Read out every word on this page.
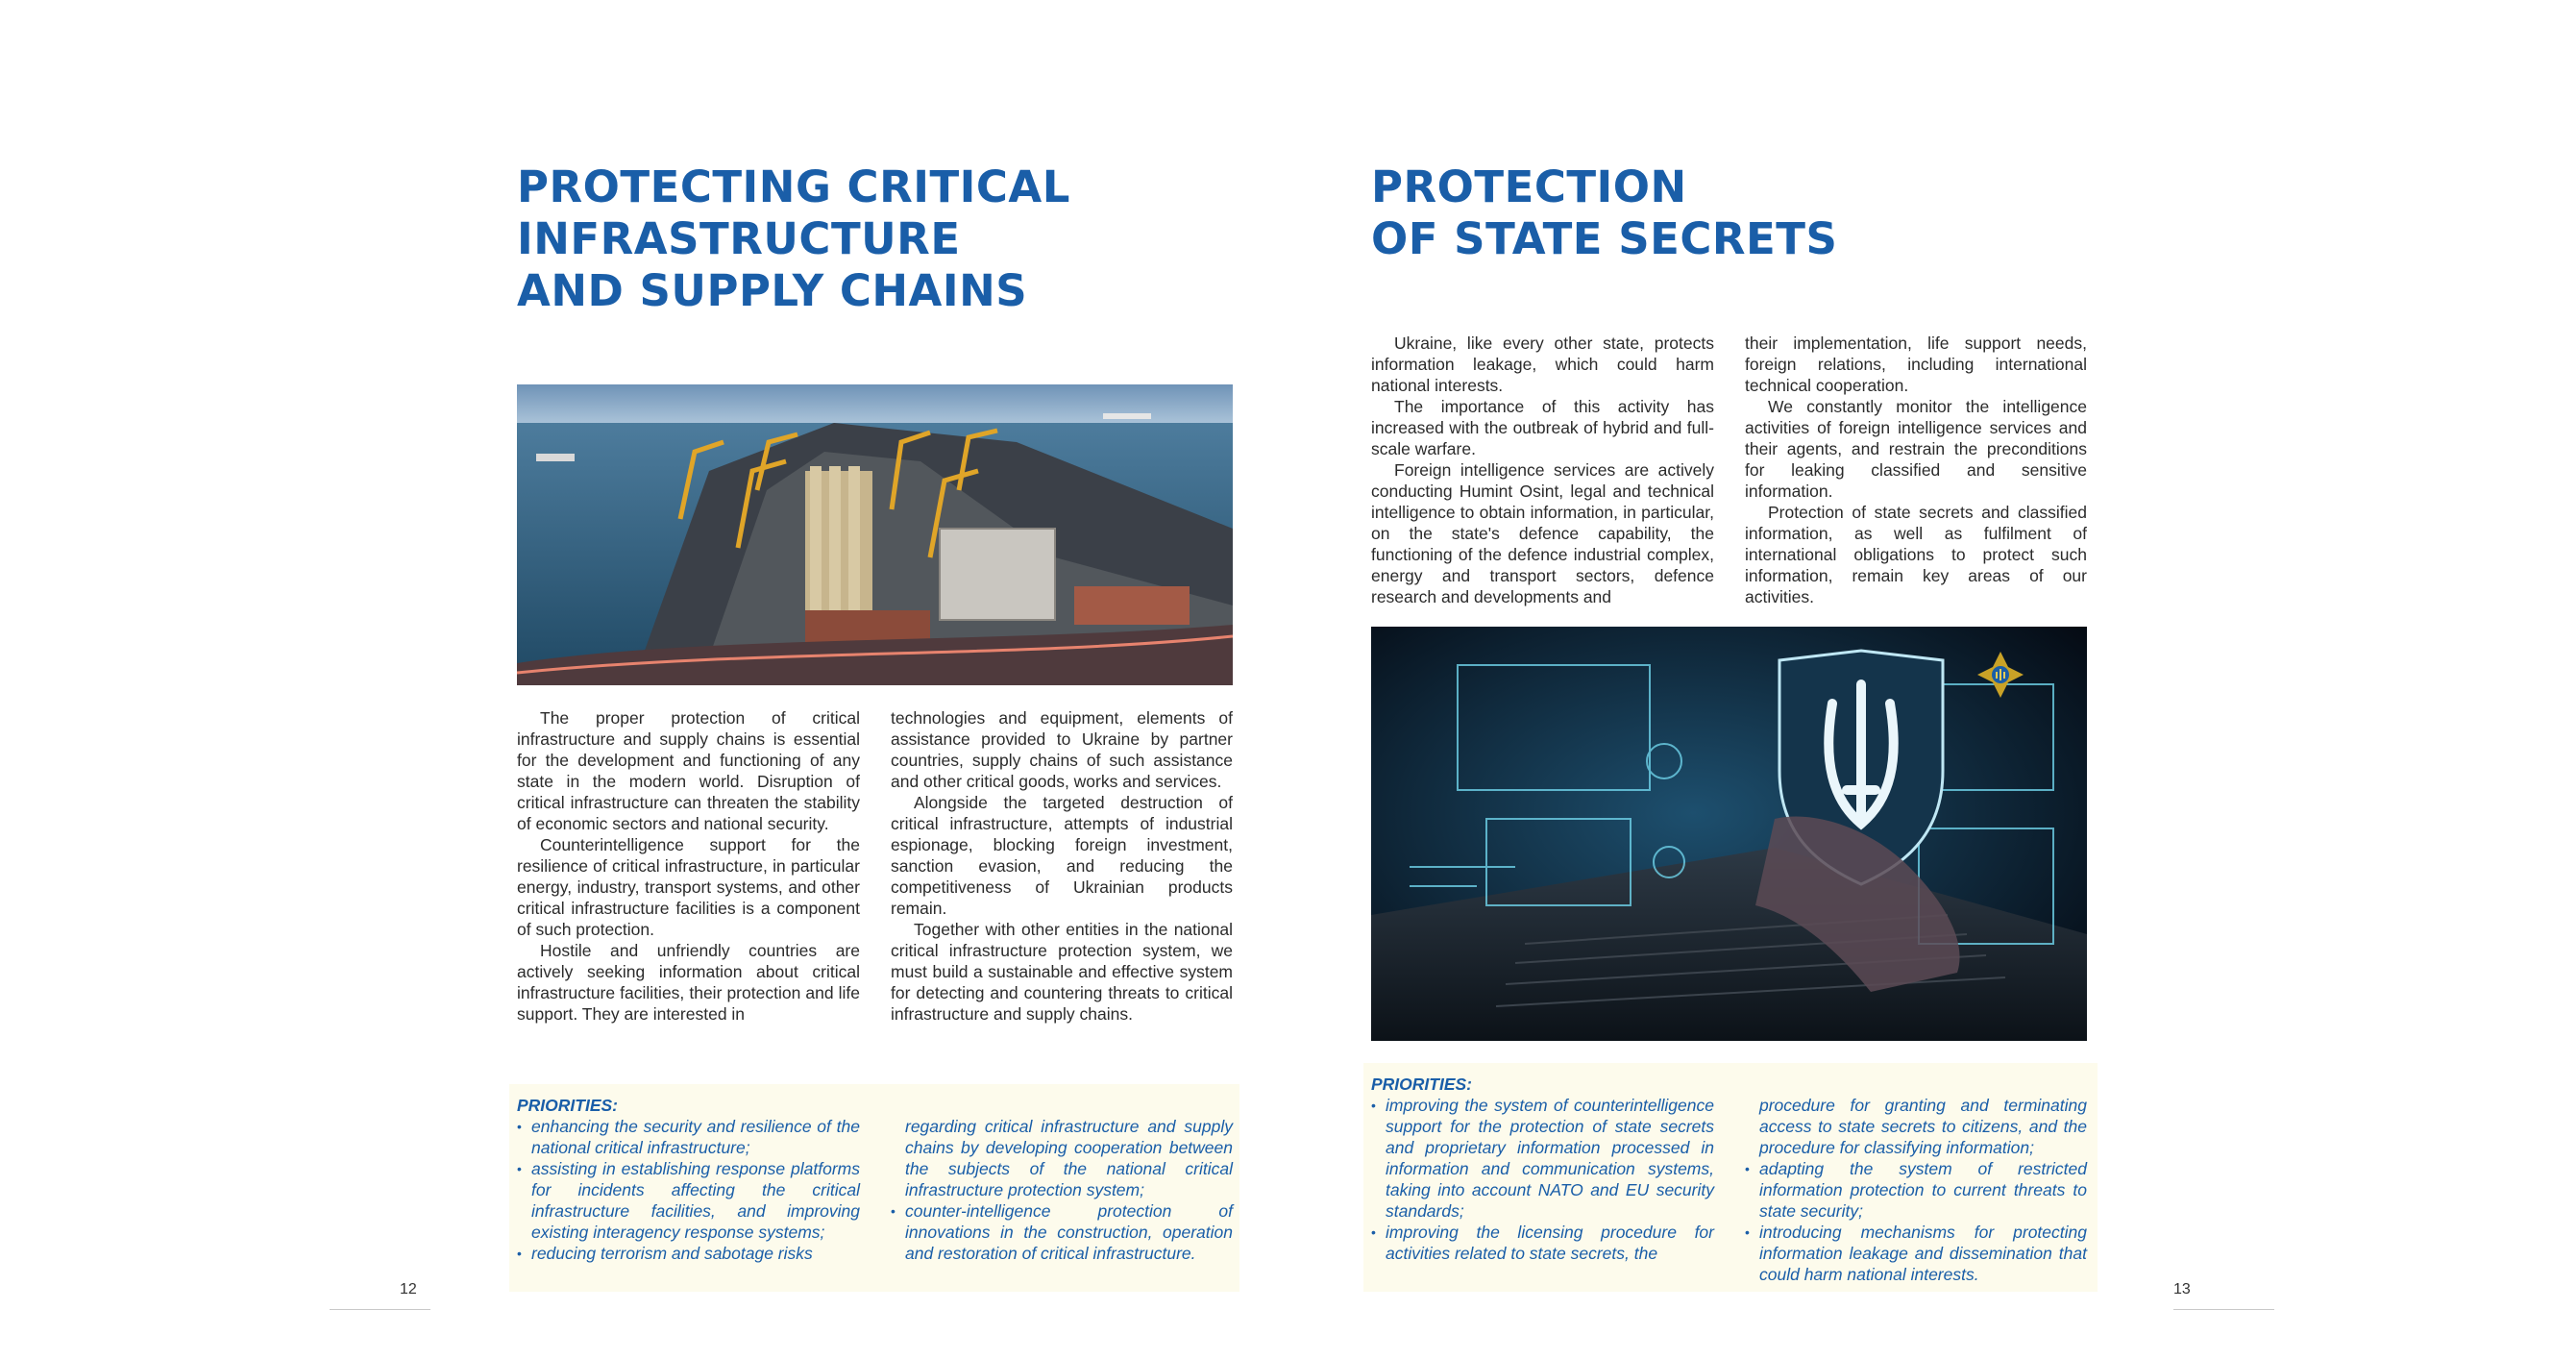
PROTECTING CRITICAL
INFRASTRUCTURE
AND SUPPLY CHAINS

The proper protection of critical infrastructure and supply chains is essential for the development and functioning of any state in the modern world. Disruption of critical infrastructure can threaten the stability of economic sectors and national security.

Counterintelligence support for the resilience of critical infrastructure, in particular energy, industry, transport systems, and other critical infrastructure facilities is a component of such protection.

Hostile and unfriendly countries are actively seeking information about critical infrastructure facilities, their protection and life support. They are interested in

technologies and equipment, elements of assistance provided to Ukraine by partner countries, supply chains of such assistance and other critical goods, works and services.

Alongside the targeted destruction of critical infrastructure, attempts of industrial espionage, blocking foreign investment, sanction evasion, and reducing the competitiveness of Ukrainian products remain.

Together with other entities in the national critical infrastructure protection system, we must build a sustainable and effective system for detecting and countering threats to critical infrastructure and supply chains.

PRIORITIES:
• enhancing the security and resilience of the national critical infrastructure;
• assisting in establishing response platforms for incidents affecting the critical infrastructure facilities, and improving existing interagency response systems;
• reducing terrorism and sabotage risks
regarding critical infrastructure and supply chains by developing cooperation between the subjects of the national critical infrastructure protection system;
• counter-intelligence protection of innovations in the construction, operation and restoration of critical infrastructure.
12
PROTECTION
OF STATE SECRETS

Ukraine, like every other state, protects information leakage, which could harm national interests.

The importance of this activity has increased with the outbreak of hybrid and full-scale warfare.

Foreign intelligence services are actively conducting Humint Osint, legal and technical intelligence to obtain information, in particular, on the state's defence capability, the functioning of the defence industrial complex, energy and transport sectors, defence research and developments and

their implementation, life support needs, foreign relations, including international technical cooperation.

We constantly monitor the intelligence activities of foreign intelligence services and their agents, and restrain the preconditions for leaking classified and sensitive information.

Protection of state secrets and classified information, as well as fulfilment of international obligations to protect such information, remain key areas of our activities.

PRIORITIES:
• improving the system of counterintelligence support for the protection of state secrets and proprietary information processed in information and communication systems, taking into account NATO and EU security standards;
• improving the licensing procedure for activities related to state secrets, the
procedure for granting and terminating access to state secrets to citizens, and the procedure for classifying information;
• adapting the system of restricted information protection to current threats to state security;
• introducing mechanisms for protecting information leakage and dissemination that could harm national interests.
13
